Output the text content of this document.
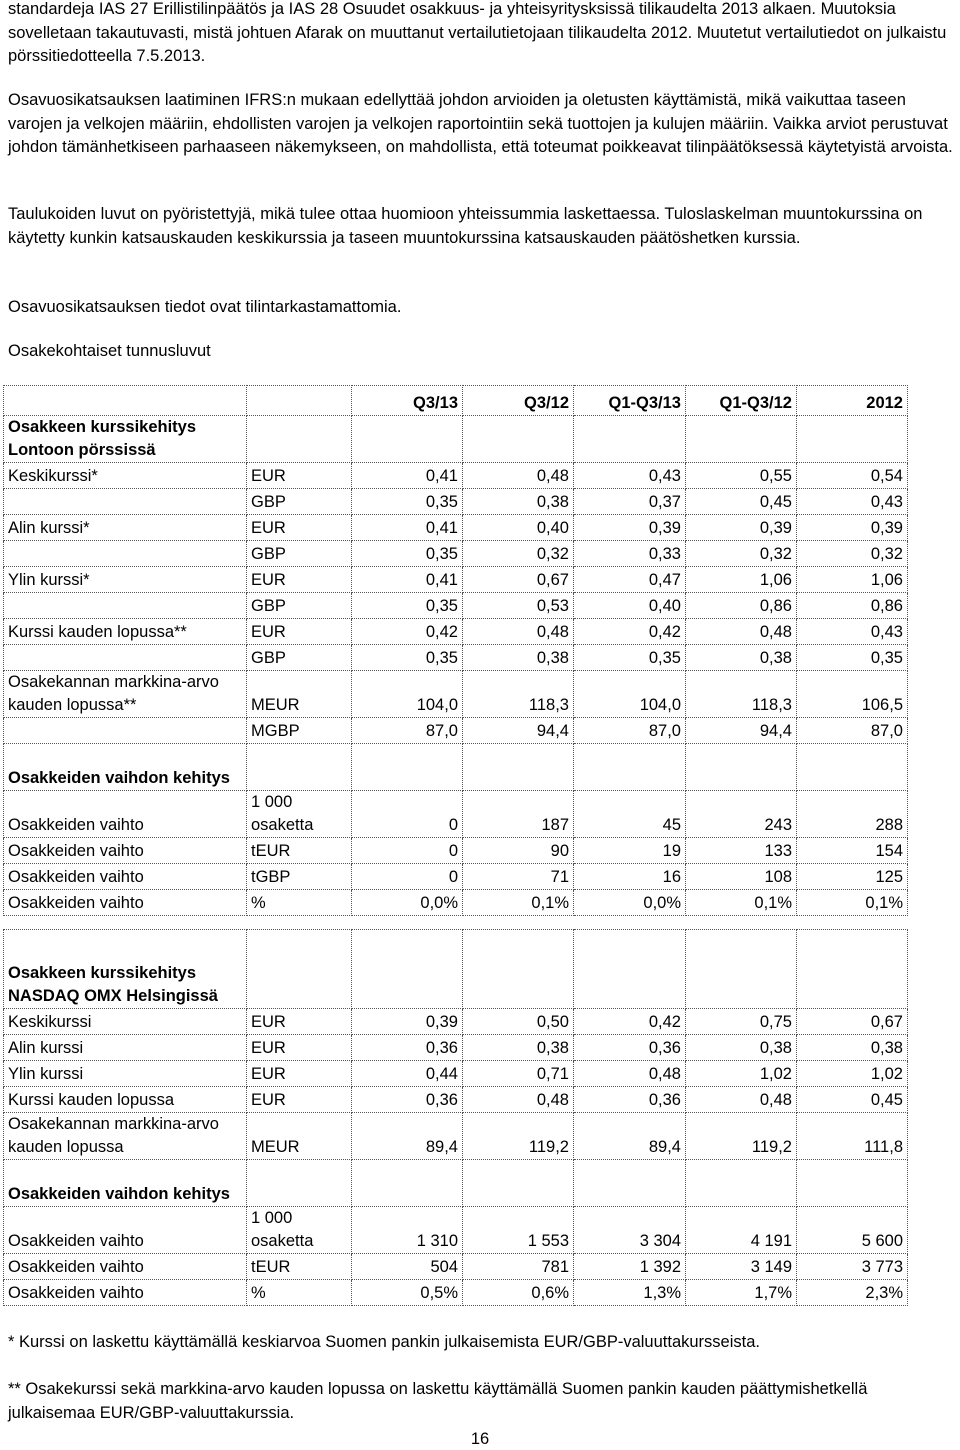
standardeja IAS 27 Erillistilinpäätös ja IAS 28 Osuudet osakkuus- ja yhteisyritysksissä tilikaudelta 2013 alkaen. Muutoksia sovelletaan takautuvasti, mistä johtuen Afarak on muuttanut vertailutietojaan tilikaudelta 2012. Muutetut vertailutiedot on julkaistu pörssitiedotteella 7.5.2013.

Osavuosikatsauksen laatiminen IFRS:n mukaan edellyttää johdon arvioiden ja oletusten käyttämistä, mikä vaikuttaa taseen varojen ja velkojen määriin, ehdollisten varojen ja velkojen raportointiin sekä tuottojen ja kulujen määriin. Vaikka arviot perustuvat johdon tämänhetkiseen parhaaseen näkemykseen, on mahdollista, että toteumat poikkeavat tilinpäätöksessä käytetyistä arvoista.

Taulukoiden luvut on pyöristettyjä, mikä tulee ottaa huomioon yhteissummia laskettaessa. Tuloslaskelman muuntokurssina on käytetty kunkin katsauskauden keskikurssia ja taseen muuntokurssina katsauskauden päätöshetken kurssia.

Osavuosikatsauksen tiedot ovat tilintarkastamattomia.

Osakekohtaiset tunnusluvut

		Q3/13	Q3/12	Q1-Q3/13	Q1-Q3/12	2012
Osakkeen kurssikehitys Lontoon pörssissä						
Keskikurssi*	EUR	0,41	0,48	0,43	0,55	0,54
	GBP	0,35	0,38	0,37	0,45	0,43
Alin kurssi*	EUR	0,41	0,40	0,39	0,39	0,39
	GBP	0,35	0,32	0,33	0,32	0,32
Ylin kurssi*	EUR	0,41	0,67	0,47	1,06	1,06
	GBP	0,35	0,53	0,40	0,86	0,86
Kurssi kauden lopussa**	EUR	0,42	0,48	0,42	0,48	0,43
	GBP	0,35	0,38	0,35	0,38	0,35
Osakekannan markkina-arvo kauden lopussa**	MEUR	104,0	118,3	104,0	118,3	106,5
	MGBP	87,0	94,4	87,0	94,4	87,0
Osakkeiden vaihdon kehitys						
Osakkeiden vaihto	1 000 osaketta	0	187	45	243	288
Osakkeiden vaihto	tEUR	0	90	19	133	154
Osakkeiden vaihto	tGBP	0	71	16	108	125
Osakkeiden vaihto	%	0,0%	0,1%	0,0%	0,1%	0,1%
Osakkeen kurssikehitys NASDAQ OMX Helsingissä						
Keskikurssi	EUR	0,39	0,50	0,42	0,75	0,67
Alin kurssi	EUR	0,36	0,38	0,36	0,38	0,38
Ylin kurssi	EUR	0,44	0,71	0,48	1,02	1,02
Kurssi kauden lopussa	EUR	0,36	0,48	0,36	0,48	0,45
Osakekannan markkina-arvo kauden lopussa	MEUR	89,4	119,2	89,4	119,2	111,8
Osakkeiden vaihdon kehitys						
Osakkeiden vaihto	1 000 osaketta	1 310	1 553	3 304	4 191	5 600
Osakkeiden vaihto	tEUR	504	781	1 392	3 149	3 773
Osakkeiden vaihto	%	0,5%	0,6%	1,3%	1,7%	2,3%

* Kurssi on laskettu käyttämällä keskiarvoa Suomen pankin julkaisemista EUR/GBP-valuuttakursseista.

** Osakekurssi sekä markkina-arvo kauden lopussa on laskettu käyttämällä Suomen pankin kauden päättymishetkellä julkaisemaa EUR/GBP-valuuttakurssia.

16
